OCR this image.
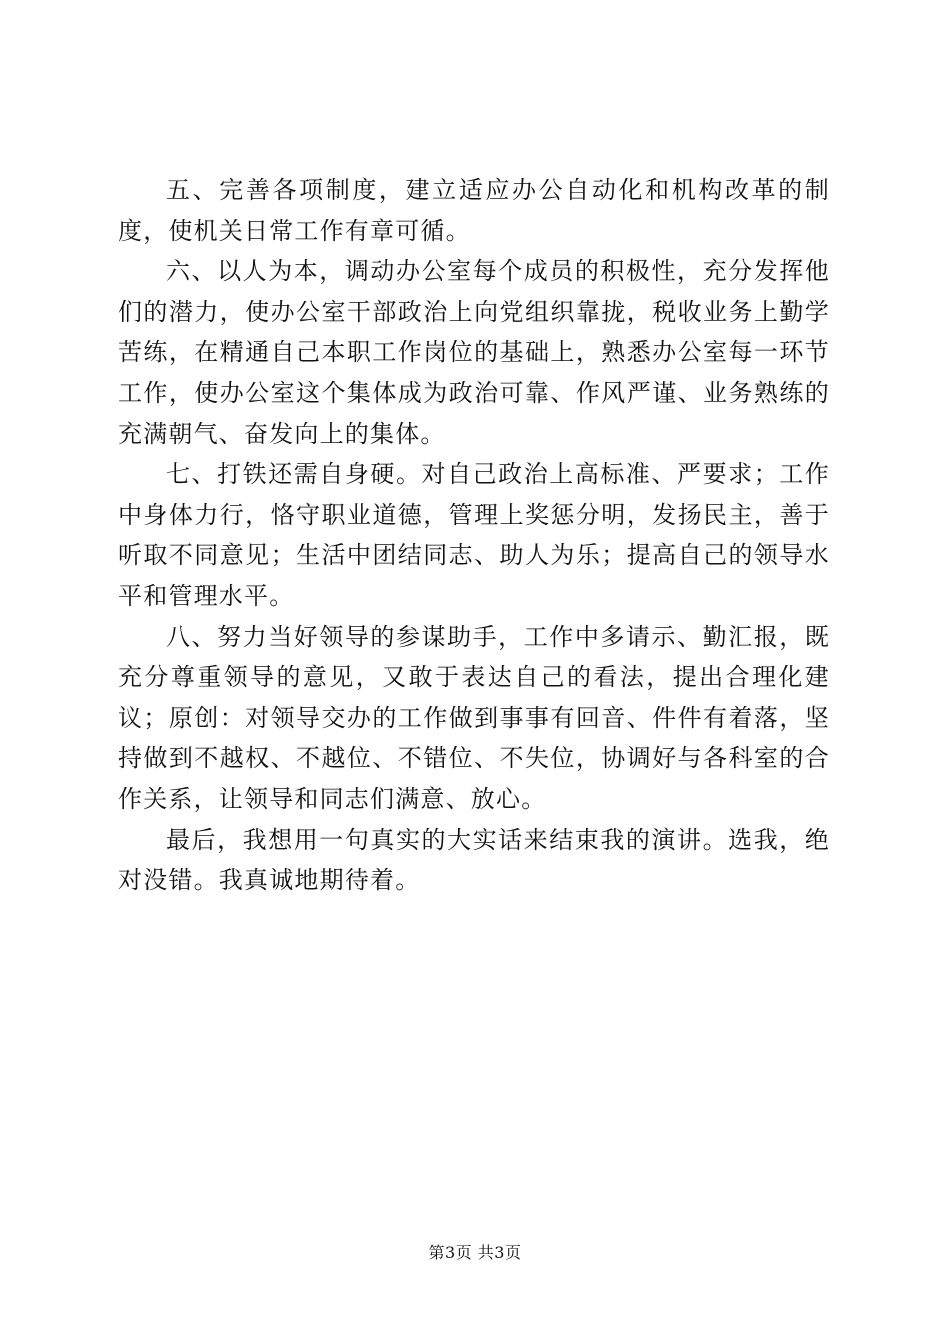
五、完善各项制度，建立适应办公自动化和机构改革的制度，使机关日常工作有章可循。

六、以人为本，调动办公室每个成员的积极性，充分发挥他们的潜力，使办公室干部政治上向党组织靠拢，税收业务上勤学苦练，在精通自己本职工作岗位的基础上，熟悉办公室每一环节工作，使办公室这个集体成为政治可靠、作风严谨、业务熟练的充满朝气、奋发向上的集体。

七、打铁还需自身硬。对自己政治上高标准、严要求；工作中身体力行，恪守职业道德，管理上奖惩分明，发扬民主，善于听取不同意见；生活中团结同志、助人为乐；提高自己的领导水平和管理水平。

八、努力当好领导的参谋助手，工作中多请示、勤汇报，既充分尊重领导的意见，又敢于表达自己的看法，提出合理化建议；原创：对领导交办的工作做到事事有回音、件件有着落，坚持做到不越权、不越位、不错位、不失位，协调好与各科室的合作关系，让领导和同志们满意、放心。

最后，我想用一句真实的大实话来结束我的演讲。选我，绝对没错。我真诚地期待着。

第3页 共3页
